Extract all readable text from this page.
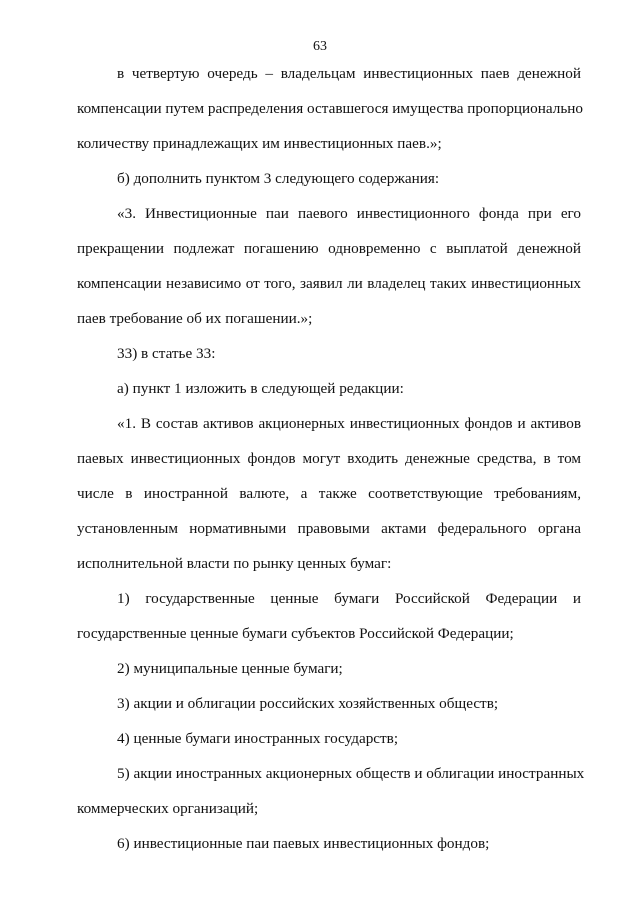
63
в четвертую очередь – владельцам инвестиционных паев денежной
компенсации путем распределения оставшегося имущества пропорционально
количеству принадлежащих им инвестиционных паев.»;
б) дополнить пунктом 3 следующего содержания:
«3. Инвестиционные паи паевого инвестиционного фонда при его
прекращении подлежат погашению одновременно с выплатой денежной
компенсации независимо от того, заявил ли владелец таких инвестиционных
паев требование об их погашении.»;
33) в статье 33:
а) пункт 1 изложить в следующей редакции:
«1. В состав активов акционерных инвестиционных фондов и активов
паевых инвестиционных фондов могут входить денежные средства, в том
числе в иностранной валюте, а также соответствующие требованиям,
установленным нормативными правовыми актами федерального органа
исполнительной власти по рынку ценных бумаг:
1) государственные ценные бумаги Российской Федерации и
государственные ценные бумаги субъектов Российской Федерации;
2) муниципальные ценные бумаги;
3) акции и облигации российских хозяйственных обществ;
4) ценные бумаги иностранных государств;
5) акции иностранных акционерных обществ и облигации иностранных
коммерческих организаций;
6) инвестиционные паи паевых инвестиционных фондов;
